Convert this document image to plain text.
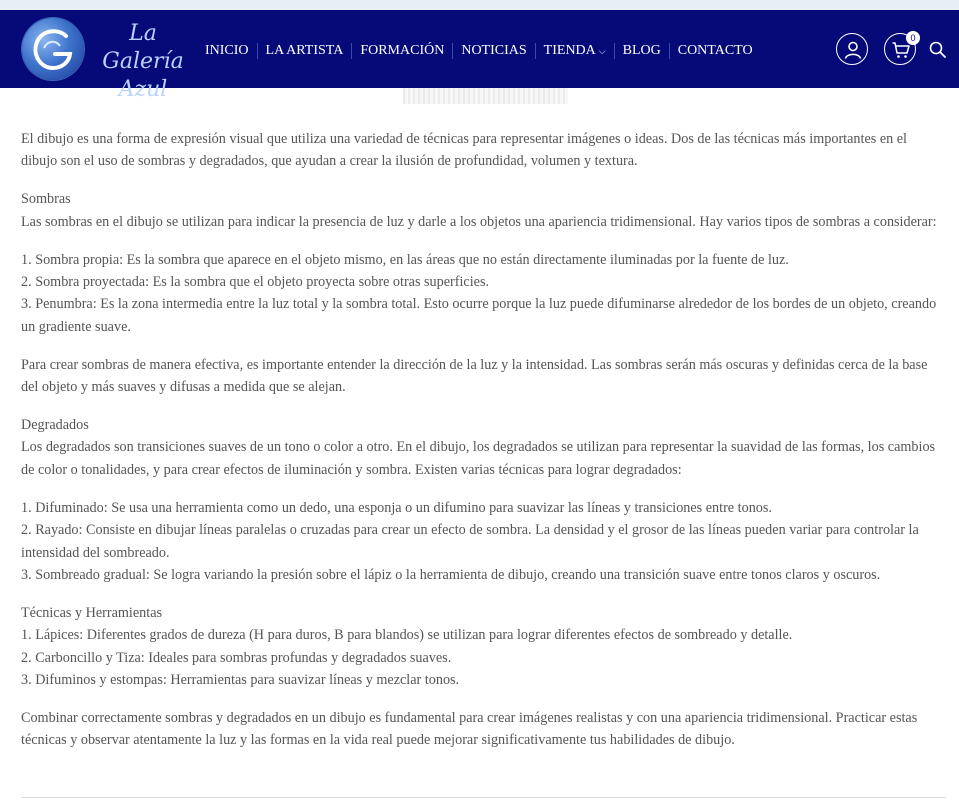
La Galería
Azul
INICIO	LA ARTISTA	FORMACIÓN	NOTICIAS	TIENDA ⌵	BLOG	CONTACTO
0

El dibujo es una forma de expresión visual que utiliza una variedad de técnicas para representar imágenes o ideas. Dos de las técnicas más importantes en el dibujo son el uso de sombras y degradados, que ayudan a crear la ilusión de profundidad, volumen y textura.

Sombras
Las sombras en el dibujo se utilizan para indicar la presencia de luz y darle a los objetos una apariencia tridimensional. Hay varios tipos de sombras a considerar:

1. Sombra propia: Es la sombra que aparece en el objeto mismo, en las áreas que no están directamente iluminadas por la fuente de luz.
2. Sombra proyectada: Es la sombra que el objeto proyecta sobre otras superficies.
3. Penumbra: Es la zona intermedia entre la luz total y la sombra total. Esto ocurre porque la luz puede difuminarse alrededor de los bordes de un objeto, creando un gradiente suave.

Para crear sombras de manera efectiva, es importante entender la dirección de la luz y la intensidad. Las sombras serán más oscuras y definidas cerca de la base del objeto y más suaves y difusas a medida que se alejan.

Degradados
Los degradados son transiciones suaves de un tono o color a otro. En el dibujo, los degradados se utilizan para representar la suavidad de las formas, los cambios de color o tonalidades, y para crear efectos de iluminación y sombra. Existen varias técnicas para lograr degradados:

1. Difuminado: Se usa una herramienta como un dedo, una esponja o un difumino para suavizar las líneas y transiciones entre tonos.
2. Rayado: Consiste en dibujar líneas paralelas o cruzadas para crear un efecto de sombra. La densidad y el grosor de las líneas pueden variar para controlar la intensidad del sombreado.
3. Sombreado gradual: Se logra variando la presión sobre el lápiz o la herramienta de dibujo, creando una transición suave entre tonos claros y oscuros.

Técnicas y Herramientas
1. Lápices: Diferentes grados de dureza (H para duros, B para blandos) se utilizan para lograr diferentes efectos de sombreado y detalle.
2. Carboncillo y Tiza: Ideales para sombras profundas y degradados suaves.
3. Difuminos y estompas: Herramientas para suavizar líneas y mezclar tonos.

Combinar correctamente sombras y degradados en un dibujo es fundamental para crear imágenes realistas y con una apariencia tridimensional. Practicar estas técnicas y observar atentamente la luz y las formas en la vida real puede mejorar significativamente tus habilidades de dibujo.
